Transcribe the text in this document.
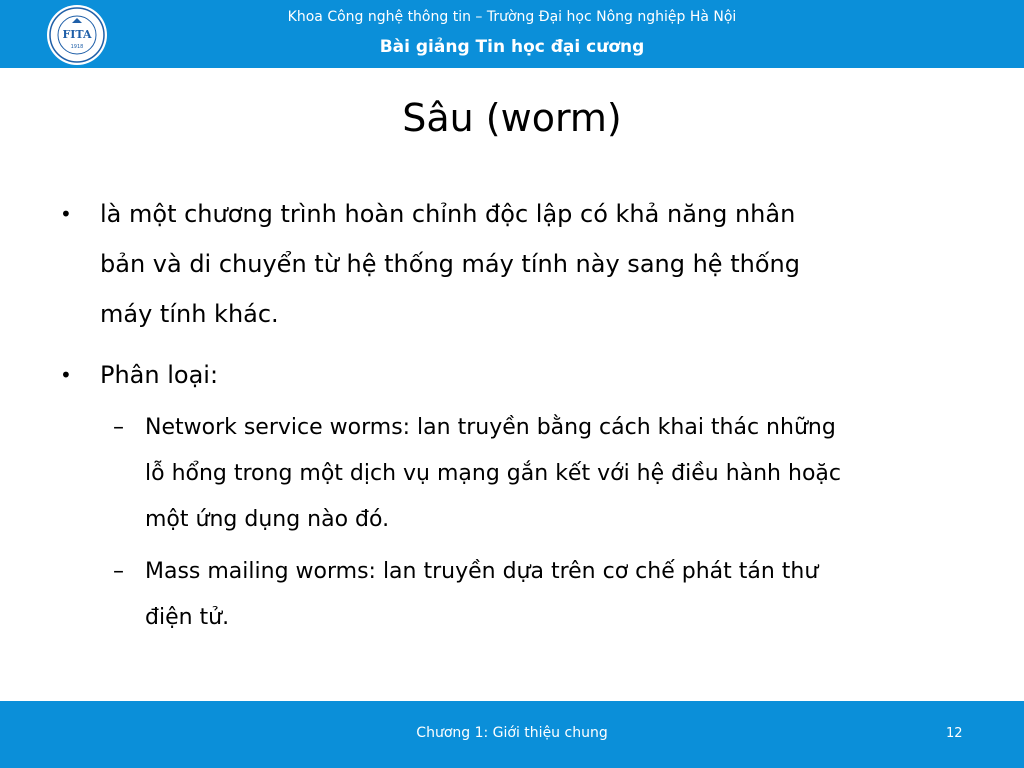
FITA
1918
Khoa Công nghệ thông tin – Trường Đại học Nông nghiệp Hà Nội
Bài giảng Tin học đại cương
Sâu (worm)
• là một chương trình hoàn chỉnh độc lập có khả năng nhân
bản và di chuyển từ hệ thống máy tính này sang hệ thống
máy tính khác.
• Phân loại:
– Network service worms: lan truyền bằng cách khai thác những
lỗ hổng trong một dịch vụ mạng gắn kết với hệ điều hành hoặc
một ứng dụng nào đó.
– Mass mailing worms: lan truyền dựa trên cơ chế phát tán thư
điện tử.
Chương 1: Giới thiệu chung	12
